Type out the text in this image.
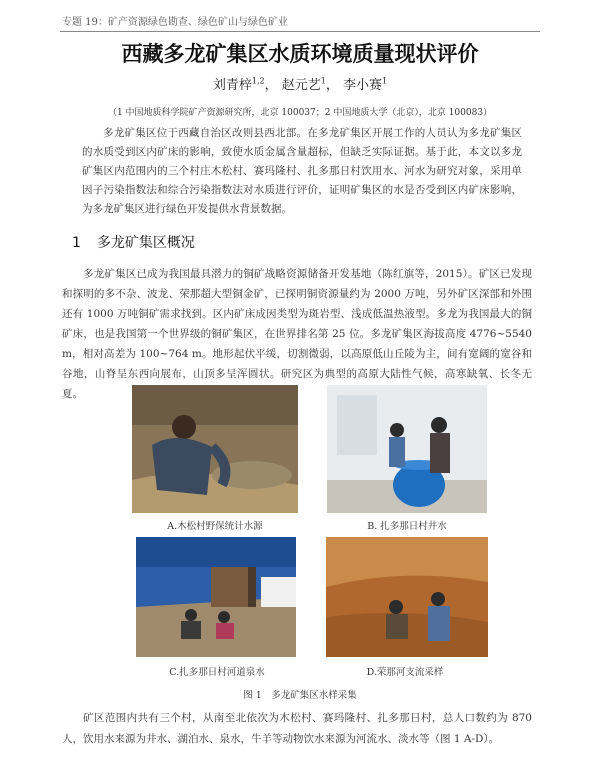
专题 19：矿产资源绿色勘查、绿色矿山与绿色矿业
西藏多龙矿集区水质环境质量现状评价
刘青梓$^{1,2}$， 赵元艺$^1$， 李小赛$^1$
（1 中国地质科学院矿产资源研究所，北京 100037；2 中国地质大学（北京），北京 100083）
多龙矿集区位于西藏自治区改则县西北部。在多龙矿集区开展工作的人员认为多龙矿集区的水质受到区内矿床的影响，致使水质金属含量超标，但缺乏实际证据。基于此，本文以多龙矿集区内范围内的三个村庄木松村、赛玛隆村、扎多那日村饮用水、河水为研究对象，采用单因子污染指数法和综合污染指数法对水质进行评价，证明矿集区的水是否受到区内矿床影响，为多龙矿集区进行绿色开发提供水背景数据。
1 多龙矿集区概况
多龙矿集区已成为我国最具潜力的铜矿战略资源储备开发基地（陈红旗等，2015）。矿区已发现和探明的多不杂、波龙、荣那超大型铜金矿，已探明铜资源量约为 2000 万吨，另外矿区深部和外围还有 1000 万吨铜矿需求找到。区内矿床成因类型为斑岩型、浅成低温热液型。多龙为我国最大的铜矿床，也是我国第一个世界级的铜矿集区，在世界排名第 25 位。多龙矿集区海拔高度 4776~5540 m，相对高差为 100~764 m。地形起伏平缓，切割微弱，以高原低山丘陵为主，间有宽阔的宽谷和谷地，山脊呈东西向展布，山顶多呈浑圆状。研究区为典型的高原大陆性气候，高寒缺氧、长冬无夏。
A.木松村野保统计水源	B. 扎多那日村井水
C.扎多那日村河道泉水	D.荣那河支流采样
图 1　多龙矿集区水样采集
矿区范围内共有三个村，从南至北依次为木松村、赛玛隆村、扎多那日村，总人口数约为 870 人，饮用水来源为井水、湖泊水、泉水，牛羊等动物饮水来源为河流水、淡水等（图 1 A-D）。
